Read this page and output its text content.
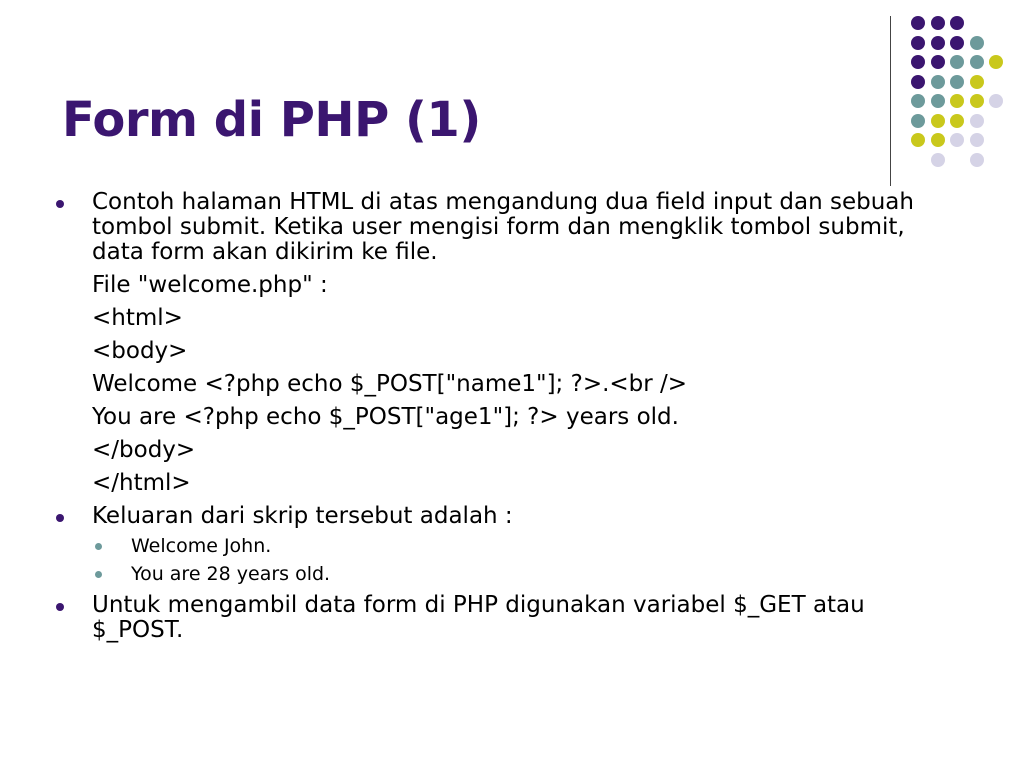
Form di PHP (1)
Contoh halaman HTML di atas mengandung dua field input dan sebuah tombol submit. Ketika user mengisi form dan mengklik tombol submit, data form akan dikirim ke file.
File "welcome.php" :
<html>
<body>
Welcome <?php echo $_POST["name1"]; ?>.<br />
You are <?php echo $_POST["age1"]; ?> years old.
</body>
</html>
Keluaran dari skrip tersebut adalah :
Welcome John.
You are 28 years old.
Untuk mengambil data form di PHP digunakan variabel $_GET atau $_POST.
